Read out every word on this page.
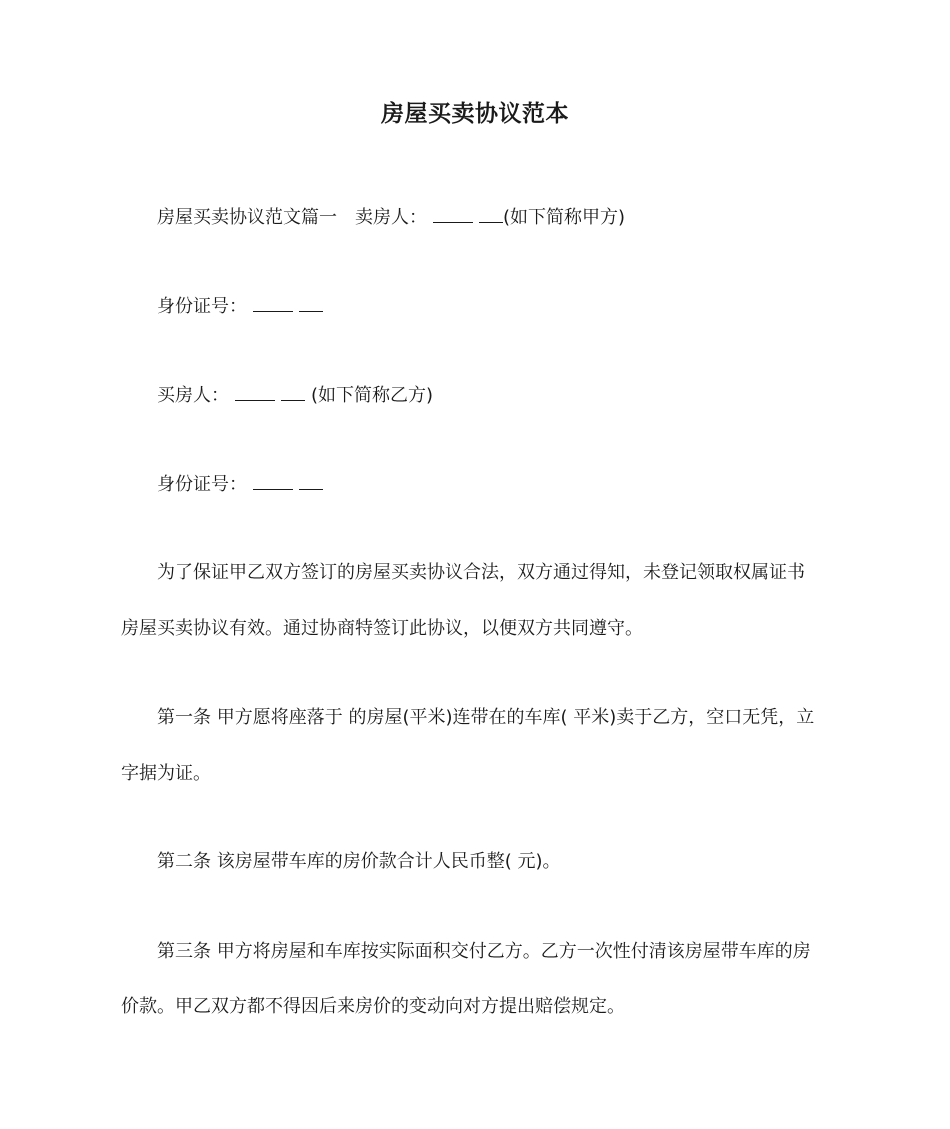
房屋买卖协议范本
房屋买卖协议范文篇一 卖房人：	(如下简称甲方)
身份证号：
买房人：	(如下简称乙方)
身份证号：
为了保证甲乙双方签订的房屋买卖协议合法，双方通过得知，未登记领取权属证书
房屋买卖协议有效。通过协商特签订此协议，以便双方共同遵守。
第一条 甲方愿将座落于 的房屋(平米)连带在的车库( 平米)卖于乙方，空口无凭，立
字据为证。
第二条 该房屋带车库的房价款合计人民币整( 元)。
第三条 甲方将房屋和车库按实际面积交付乙方。乙方一次性付清该房屋带车库的房
价款。甲乙双方都不得因后来房价的变动向对方提出赔偿规定。
